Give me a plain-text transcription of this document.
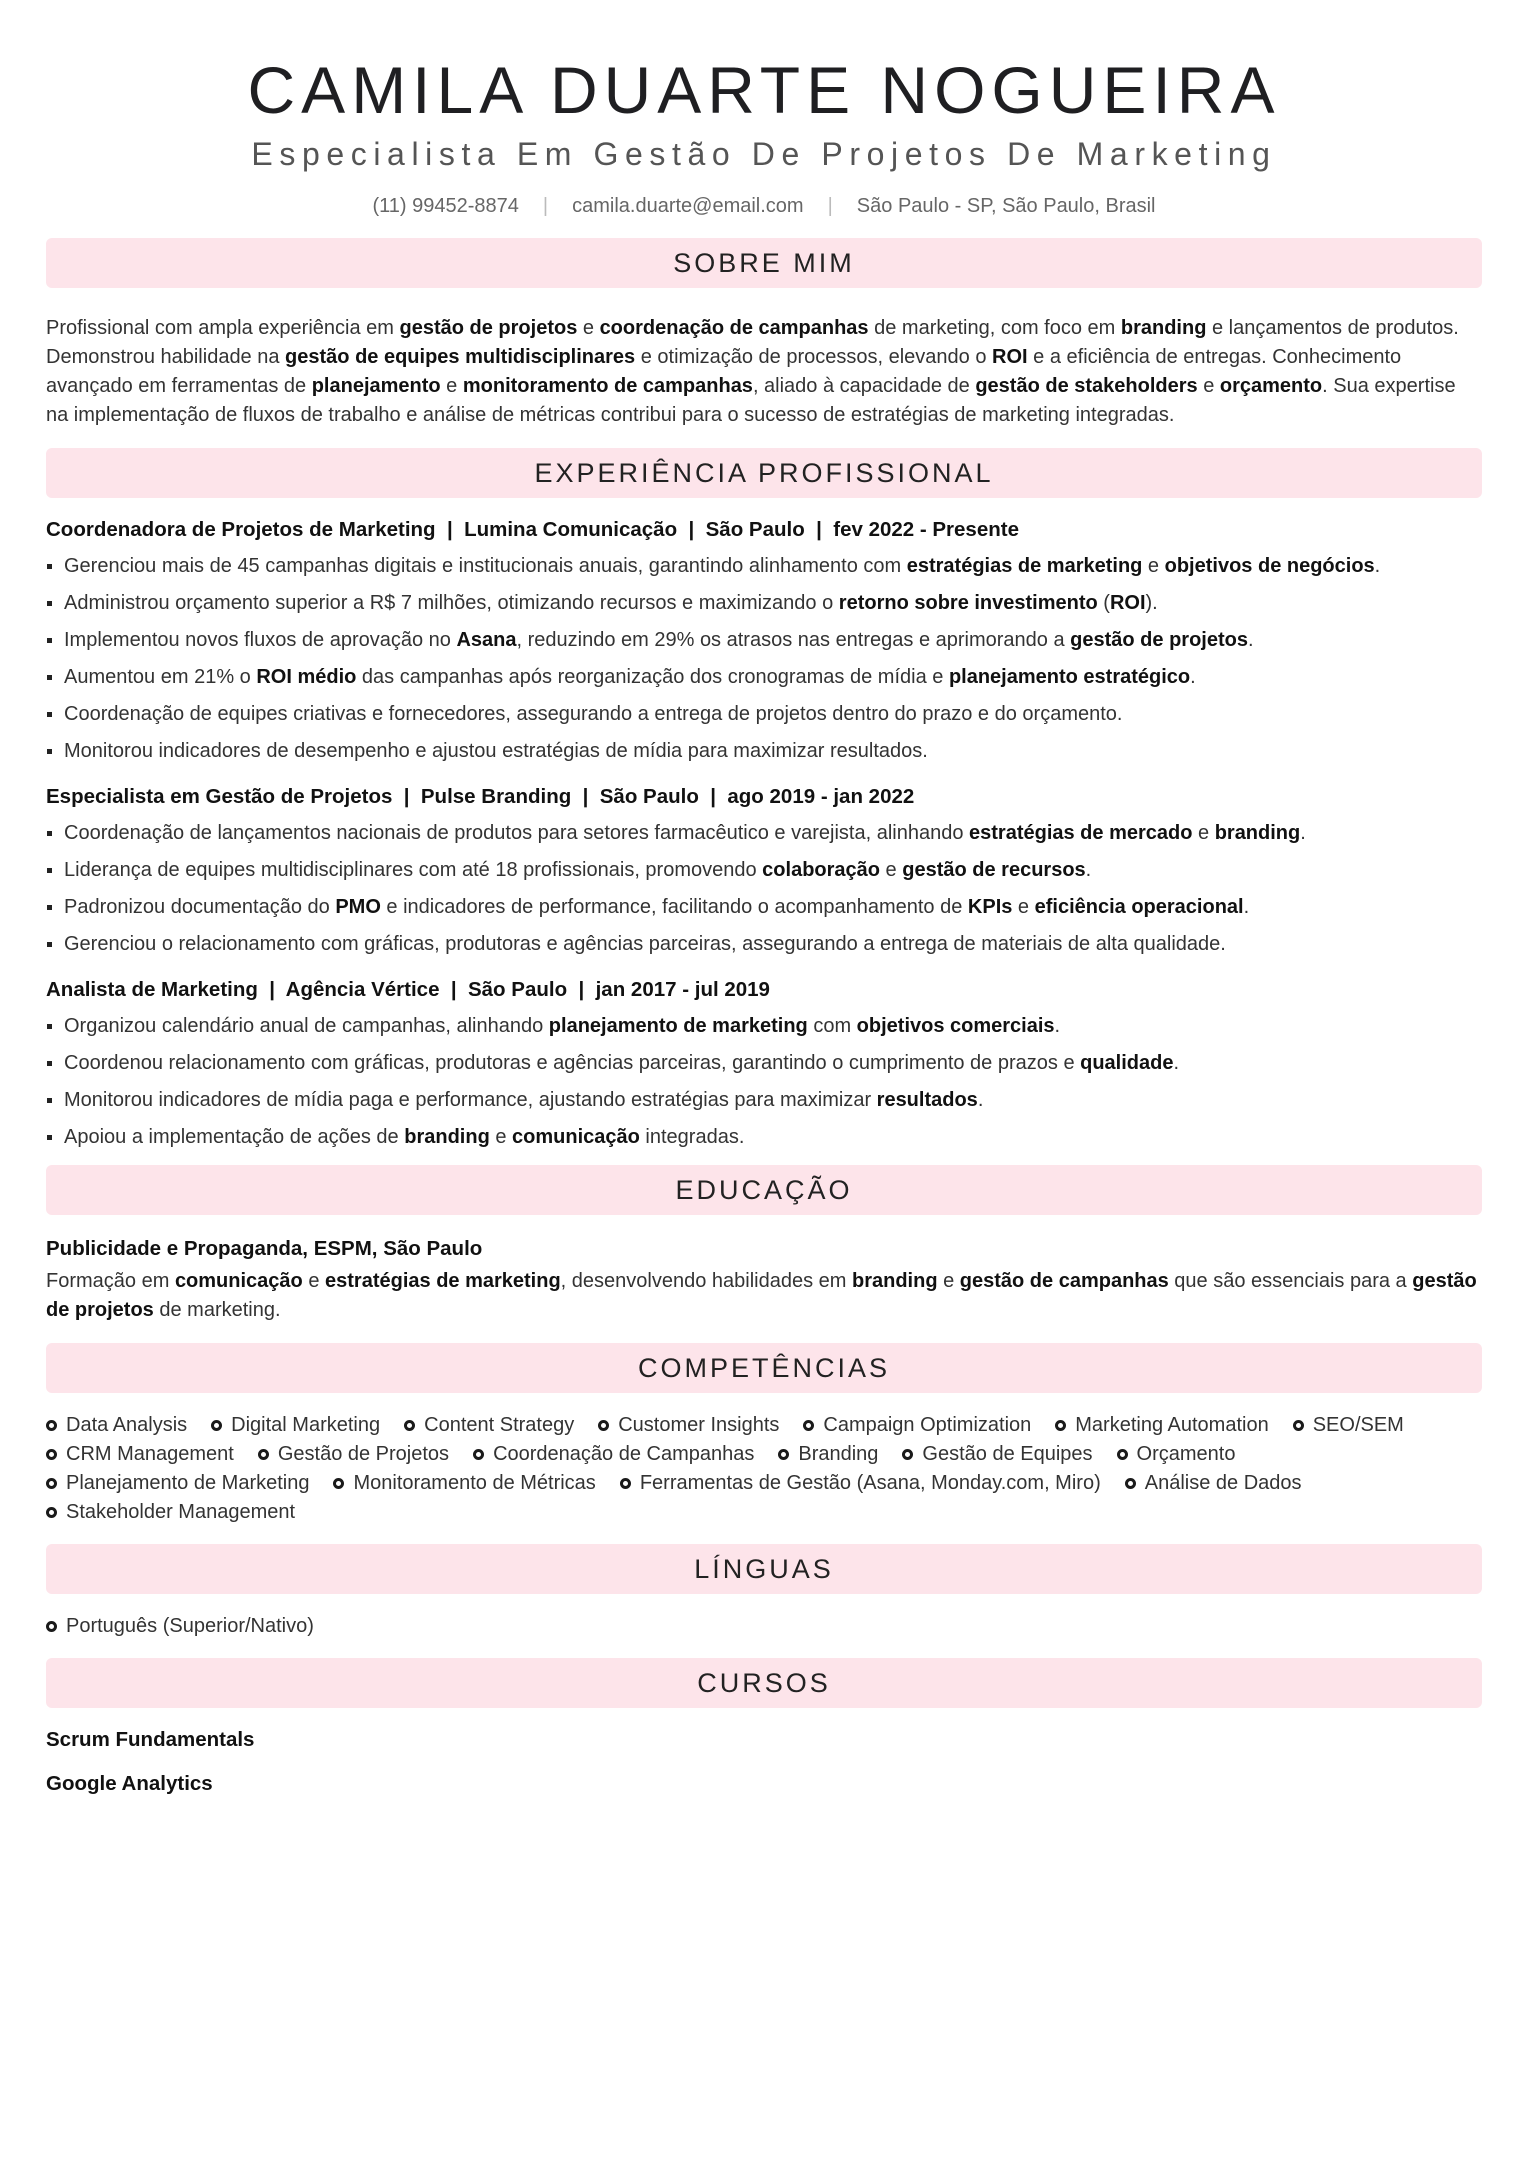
CAMILA DUARTE NOGUEIRA
Especialista Em Gestão De Projetos De Marketing
(11) 99452-8874 | camila.duarte@email.com | São Paulo - SP, São Paulo, Brasil
SOBRE MIM

Profissional com ampla experiência em gestão de projetos e coordenação de campanhas de marketing, com foco em branding e lançamentos de produtos. Demonstrou habilidade na gestão de equipes multidisciplinares e otimização de processos, elevando o ROI e a eficiência de entregas. Conhecimento avançado em ferramentas de planejamento e monitoramento de campanhas, aliado à capacidade de gestão de stakeholders e orçamento. Sua expertise na implementação de fluxos de trabalho e análise de métricas contribui para o sucesso de estratégias de marketing integradas.

EXPERIÊNCIA PROFISSIONAL
Coordenadora de Projetos de Marketing  |  Lumina Comunicação  |  São Paulo  |  fev 2022 - Presente
Gerenciou mais de 45 campanhas digitais e institucionais anuais, garantindo alinhamento com estratégias de marketing e objetivos de negócios.
Administrou orçamento superior a R$ 7 milhões, otimizando recursos e maximizando o retorno sobre investimento (ROI).
Implementou novos fluxos de aprovação no Asana, reduzindo em 29% os atrasos nas entregas e aprimorando a gestão de projetos.
Aumentou em 21% o ROI médio das campanhas após reorganização dos cronogramas de mídia e planejamento estratégico.
Coordenação de equipes criativas e fornecedores, assegurando a entrega de projetos dentro do prazo e do orçamento.
Monitorou indicadores de desempenho e ajustou estratégias de mídia para maximizar resultados.
Especialista em Gestão de Projetos  |  Pulse Branding  |  São Paulo  |  ago 2019 - jan 2022
Coordenação de lançamentos nacionais de produtos para setores farmacêutico e varejista, alinhando estratégias de mercado e branding.
Liderança de equipes multidisciplinares com até 18 profissionais, promovendo colaboração e gestão de recursos.
Padronizou documentação do PMO e indicadores de performance, facilitando o acompanhamento de KPIs e eficiência operacional.
Gerenciou o relacionamento com gráficas, produtoras e agências parceiras, assegurando a entrega de materiais de alta qualidade.
Analista de Marketing  |  Agência Vértice  |  São Paulo  |  jan 2017 - jul 2019
Organizou calendário anual de campanhas, alinhando planejamento de marketing com objetivos comerciais.
Coordenou relacionamento com gráficas, produtoras e agências parceiras, garantindo o cumprimento de prazos e qualidade.
Monitorou indicadores de mídia paga e performance, ajustando estratégias para maximizar resultados.
Apoiou a implementação de ações de branding e comunicação integradas.
EDUCAÇÃO
Publicidade e Propaganda, ESPM, São Paulo

Formação em comunicação e estratégias de marketing, desenvolvendo habilidades em branding e gestão de campanhas que são essenciais para a gestão de projetos de marketing.

COMPETÊNCIAS
Data Analysis Digital Marketing Content Strategy Customer Insights Campaign Optimization Marketing Automation SEO/SEM
CRM Management Gestão de Projetos Coordenação de Campanhas Branding Gestão de Equipes Orçamento
Planejamento de Marketing Monitoramento de Métricas Ferramentas de Gestão (Asana, Monday.com, Miro) Análise de Dados
Stakeholder Management
LÍNGUAS
Português (Superior/Nativo)
CURSOS
Scrum Fundamentals
Google Analytics
